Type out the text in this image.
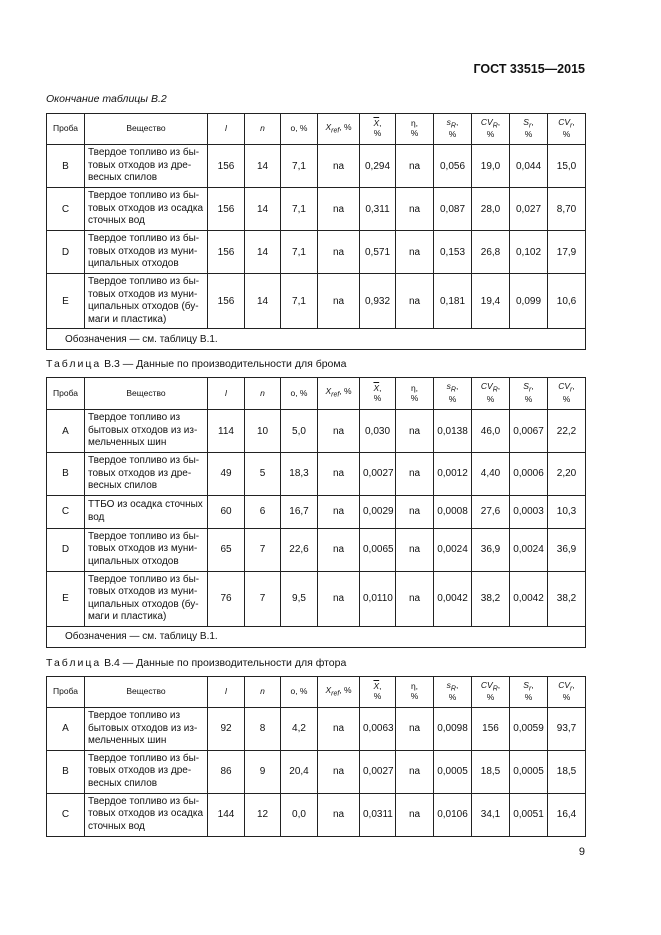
ГОСТ 33515—2015
Окончание таблицы В.2
Проба	Вещество	l	n	о, %	$X_{ref}$, %	$\overline{X}$,
%	η,
%	$s_R$,
%	$CV_R$,
%	$S_r$,
%	$CV_r$,
%
B	Твердое топливо из бы-
товых отходов из дре-
весных спилов	156	14	7,1	na	0,294	na	0,056	19,0	0,044	15,0
C	Твердое топливо из бы-
товых отходов из осадка
сточных вод	156	14	7,1	na	0,311	na	0,087	28,0	0,027	8,70
D	Твердое топливо из бы-
товых отходов из муни-
ципальных отходов	156	14	7,1	na	0,571	na	0,153	26,8	0,102	17,9
E	Твердое топливо из бы-
товых отходов из муни-
ципальных отходов (бу-
маги и пластика)	156	14	7,1	na	0,932	na	0,181	19,4	0,099	10,6
Обозначения — см. таблицу В.1.											
Таблица В.3 — Данные по производительности для брома
Проба	Вещество	l	n	о, %	$X_{ref}$, %	$\overline{X}$,
%	η,
%	$s_R$,
%	$CV_R$,
%	$S_r$,
%	$CV_r$,
%
A	Твердое топливо из
бытовых отходов из из-
мельченных шин	114	10	5,0	na	0,030	na	0,0138	46,0	0,0067	22,2
B	Твердое топливо из бы-
товых отходов из дре-
весных спилов	49	5	18,3	na	0,0027	na	0,0012	4,40	0,0006	2,20
C	ТТБО из осадка сточных
вод	60	6	16,7	na	0,0029	na	0,0008	27,6	0,0003	10,3
D	Твердое топливо из бы-
товых отходов из муни-
ципальных отходов	65	7	22,6	na	0,0065	na	0,0024	36,9	0,0024	36,9
E	Твердое топливо из бы-
товых отходов из муни-
ципальных отходов (бу-
маги и пластика)	76	7	9,5	na	0,0110	na	0,0042	38,2	0,0042	38,2
Обозначения — см. таблицу В.1.											
Таблица В.4 — Данные по производительности для фтора
Проба	Вещество	l	n	о, %	$X_{ref}$, %	$\overline{X}$,
%	η,
%	$s_R$,
%	$CV_R$,
%	$S_r$,
%	$CV_r$,
%
A	Твердое топливо из
бытовых отходов из из-
мельченных шин	92	8	4,2	na	0,0063	na	0,0098	156	0,0059	93,7
B	Твердое топливо из бы-
товых отходов из дре-
весных спилов	86	9	20,4	na	0,0027	na	0,0005	18,5	0,0005	18,5
C	Твердое топливо из бы-
товых отходов из осадка
сточных вод	144	12	0,0	na	0,0311	na	0,0106	34,1	0,0051	16,4
9
